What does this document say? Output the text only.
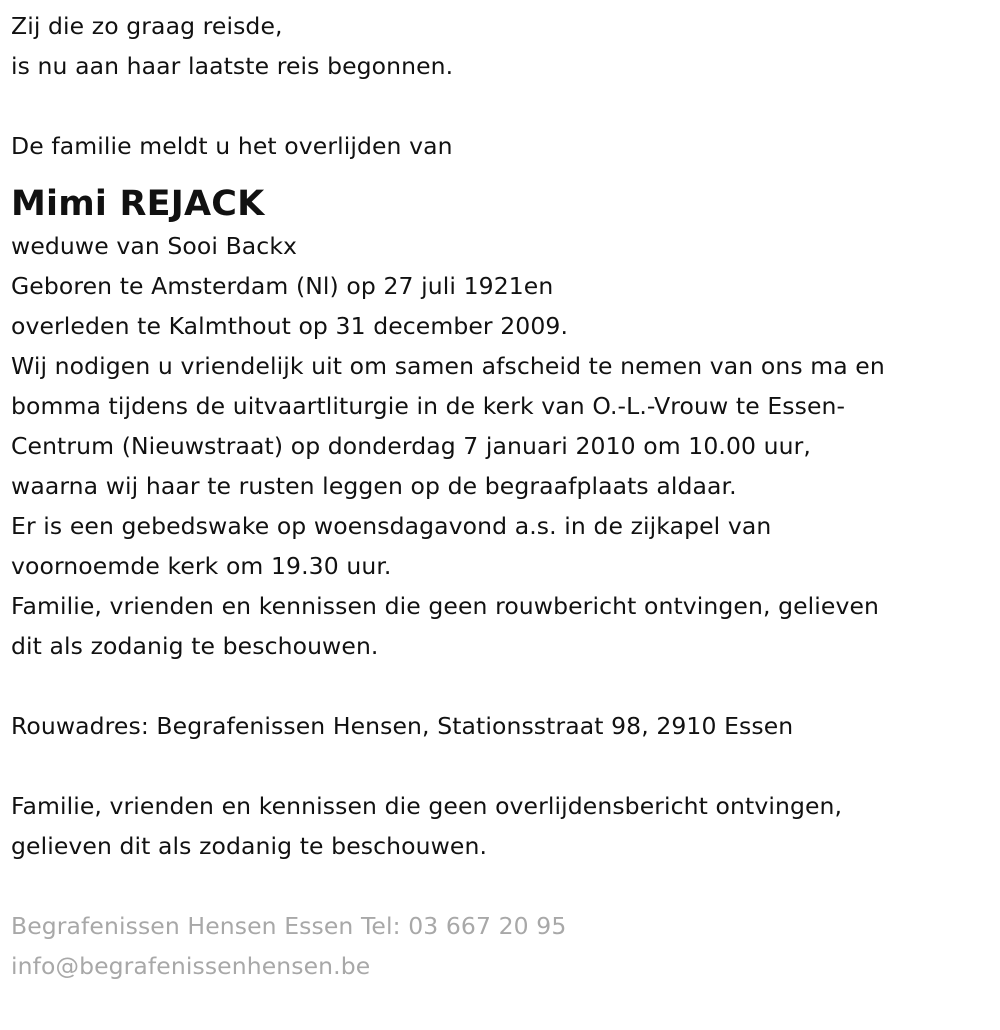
Zij die zo graag reisde,
is nu aan haar laatste reis begonnen.
De familie meldt u het overlijden van
Mimi REJACK
weduwe van Sooi Backx
Geboren te Amsterdam (Nl) op 27 juli 1921en
overleden te Kalmthout op 31 december 2009.
Wij nodigen u vriendelijk uit om samen afscheid te nemen van ons ma en
bomma tijdens de uitvaartliturgie in de kerk van O.-L.-Vrouw te Essen-
Centrum (Nieuwstraat) op donderdag 7 januari 2010 om 10.00 uur,
waarna wij haar te rusten leggen op de begraafplaats aldaar.
Er is een gebedswake op woensdagavond a.s. in de zijkapel van
voornoemde kerk om 19.30 uur.
Familie, vrienden en kennissen die geen rouwbericht ontvingen, gelieven
dit als zodanig te beschouwen.
Rouwadres: Begrafenissen Hensen, Stationsstraat 98, 2910 Essen
Familie, vrienden en kennissen die geen overlijdensbericht ontvingen,
gelieven dit als zodanig te beschouwen.
Begrafenissen Hensen Essen Tel: 03 667 20 95
info@begrafenissenhensen.be
